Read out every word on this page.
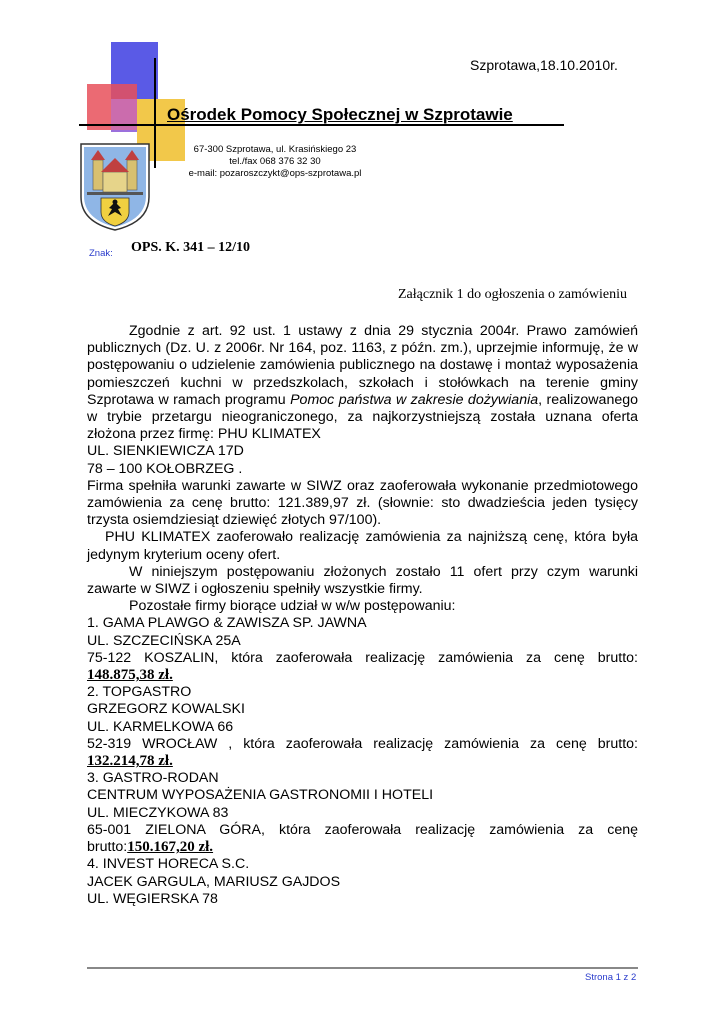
Szprotawa,18.10.2010r.
Ośrodek Pomocy Społecznej w Szprotawie
67-300 Szprotawa, ul. Krasińskiego 23
tel./fax 068 376 32 30
e-mail: pozaroszczykt@ops-szprotawa.pl
Znak: OPS. K. 341 – 12/10
Załącznik 1 do ogłoszenia o zamówieniu

Zgodnie z art. 92 ust. 1 ustawy z dnia 29 stycznia 2004r. Prawo zamówień publicznych (Dz. U. z 2006r. Nr 164, poz. 1163, z późn. zm.), uprzejmie informuję, że w postępowaniu o udzielenie zamówienia publicznego na dostawę i montaż wyposażenia pomieszczeń kuchni w przedszkolach, szkołach i stołówkach na terenie gminy Szprotawa w ramach programu Pomoc państwa w zakresie dożywiania, realizowanego w trybie przetargu nieograniczonego, za najkorzystniejszą została uznana oferta złożona przez firmę: PHU KLIMATEX

UL. SIENKIEWICZA 17D

78 – 100 KOŁOBRZEG .

Firma spełniła warunki zawarte w SIWZ oraz zaoferowała wykonanie przedmiotowego zamówienia za cenę brutto: 121.389,97 zł. (słownie: sto dwadzieścia jeden tysięcy trzysta osiemdziesiąt dziewięć złotych 97/100).

PHU KLIMATEX zaoferowało realizację zamówienia za najniższą cenę, która była jedynym kryterium oceny ofert.

W niniejszym postępowaniu złożonych zostało 11 ofert przy czym warunki zawarte w SIWZ i ogłoszeniu spełniły wszystkie firmy.

Pozostałe firmy biorące udział w w/w postępowaniu:

1. GAMA PLAWGO & ZAWISZA SP. JAWNA

UL. SZCZECIŃSKA 25A

75-122 KOSZALIN, która zaoferowała realizację zamówienia za cenę brutto:

148.875,38 zł.

2. TOPGASTRO

GRZEGORZ KOWALSKI

UL. KARMELKOWA 66

52-319 WROCŁAW , która zaoferowała realizację zamówienia za cenę brutto:

132.214,78 zł.

3. GASTRO-RODAN

CENTRUM WYPOSAŻENIA GASTRONOMII I HOTELI

UL. MIECZYKOWA 83

65-001 ZIELONA GÓRA, która zaoferowała realizację zamówienia za cenę

brutto:150.167,20 zł.

4. INVEST HORECA S.C.

JACEK GARGULA, MARIUSZ GAJDOS

UL. WĘGIERSKA 78

Strona 1 z 2
